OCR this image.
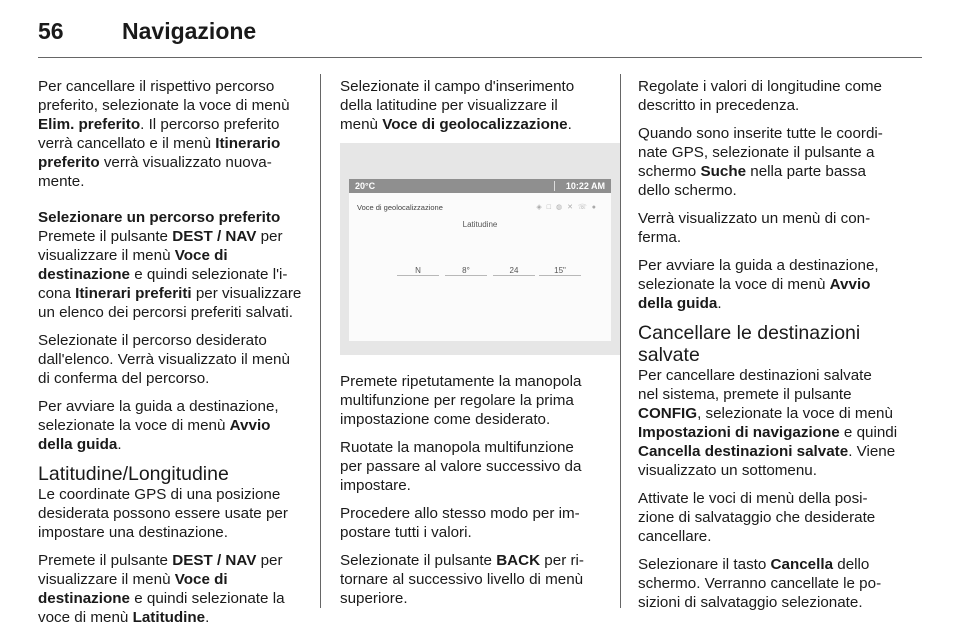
56	Navigazione

Per cancellare il rispettivo percorso
preferito, selezionate la voce di menù
Elim. preferito. Il percorso preferito
verrà cancellato e il menù Itinerario
preferito verrà visualizzato nuova-
mente.

Selezionare un percorso preferito

Premete il pulsante DEST / NAV per
visualizzare il menù Voce di
destinazione e quindi selezionate l'i-
cona Itinerari preferiti per visualizzare
un elenco dei percorsi preferiti salvati.

Selezionate il percorso desiderato
dall'elenco. Verrà visualizzato il menù
di conferma del percorso.

Per avviare la guida a destinazione,
selezionate la voce di menù Avvio
della guida.

Latitudine/Longitudine

Le coordinate GPS di una posizione
desiderata possono essere usate per
impostare una destinazione.

Premete il pulsante DEST / NAV per
visualizzare il menù Voce di
destinazione e quindi selezionate la
voce di menù Latitudine.

Selezionate il campo d'inserimento
della latitudine per visualizzare il
menù Voce di geolocalizzazione.

20°C	10:22 AM
Voce di geolocalizzazione	◈□◍✕☏●
Latitudine
N	8°	24	15"

Premete ripetutamente la manopola
multifunzione per regolare la prima
impostazione come desiderato.

Ruotate la manopola multifunzione
per passare al valore successivo da
impostare.

Procedere allo stesso modo per im-
postare tutti i valori.

Selezionate il pulsante BACK per ri-
tornare al successivo livello di menù
superiore.

Regolate i valori di longitudine come
descritto in precedenza.

Quando sono inserite tutte le coordi-
nate GPS, selezionate il pulsante a
schermo Suche nella parte bassa
dello schermo.

Verrà visualizzato un menù di con-
ferma.

Per avviare la guida a destinazione,
selezionate la voce di menù Avvio
della guida.

Cancellare le destinazioni
salvate

Per cancellare destinazioni salvate
nel sistema, premete il pulsante
CONFIG, selezionate la voce di menù
Impostazioni di navigazione e quindi
Cancella destinazioni salvate. Viene
visualizzato un sottomenu.

Attivate le voci di menù della posi-
zione di salvataggio che desiderate
cancellare.

Selezionare il tasto Cancella dello
schermo. Verranno cancellate le po-
sizioni di salvataggio selezionate.
